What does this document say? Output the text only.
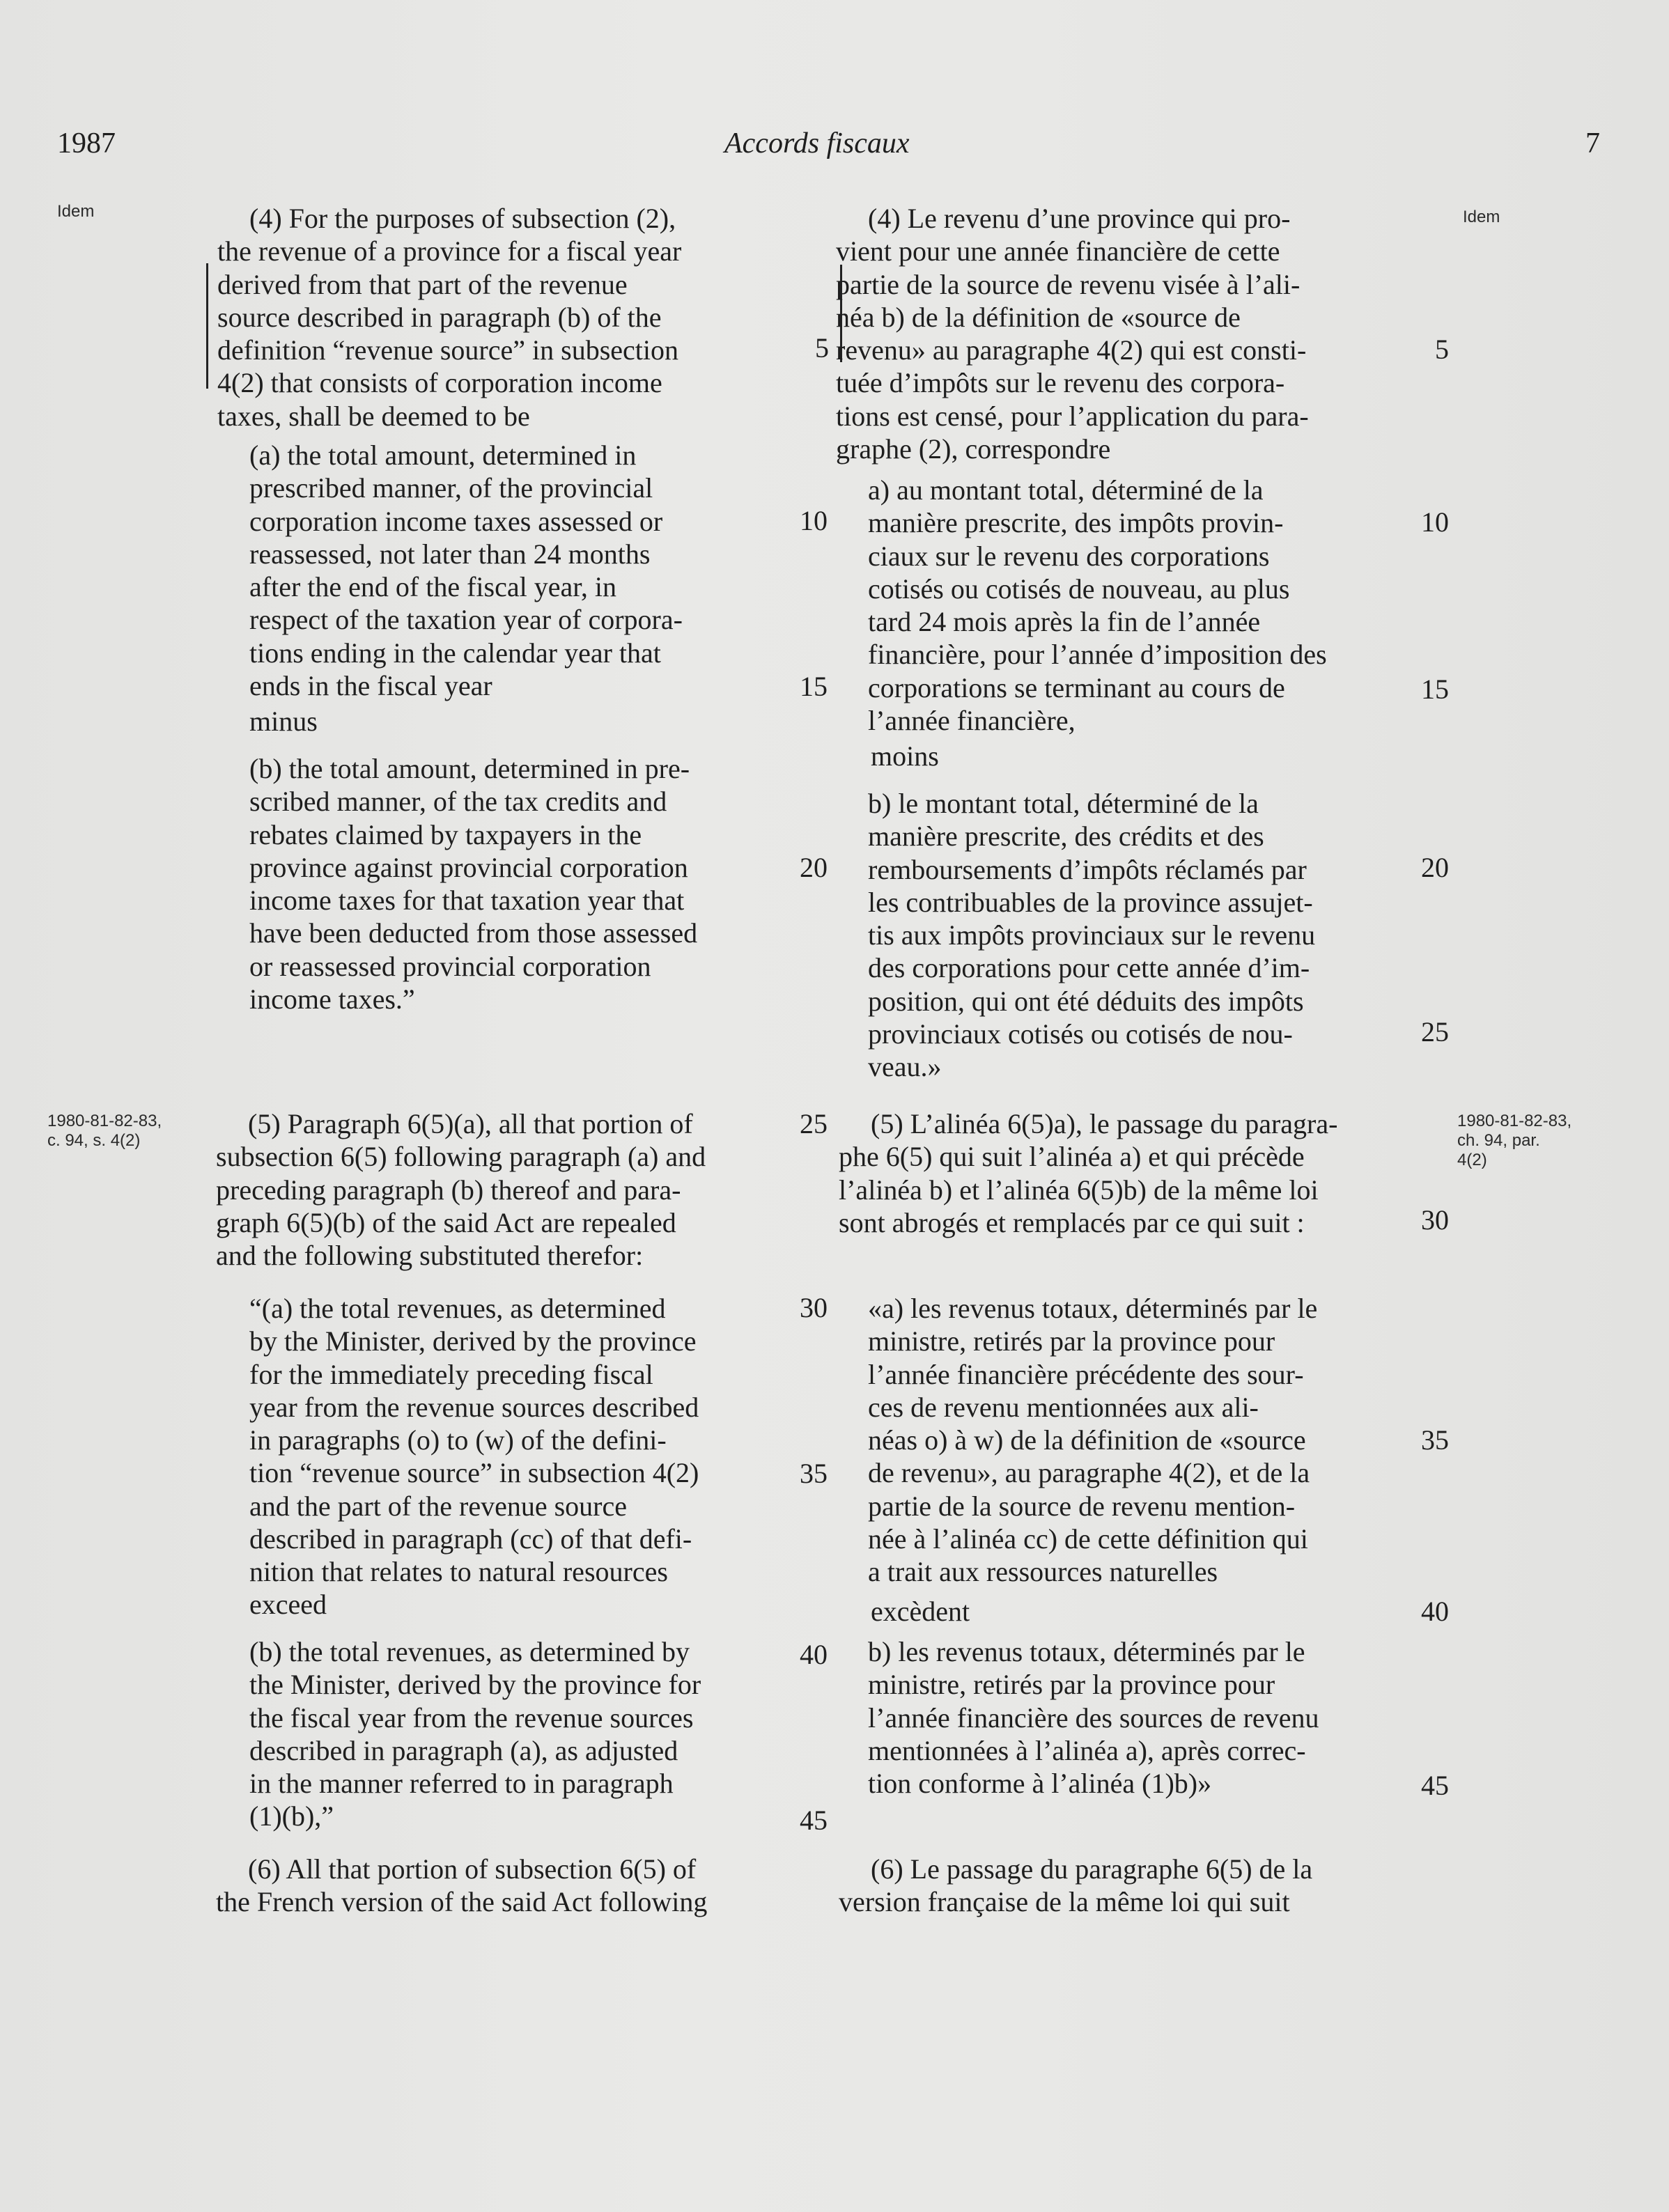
1987	Accords fiscaux	7
Idem	Idem
1980-81-82-83,
c. 94, s. 4(2)
1980-81-82-83,
ch. 94, par.
4(2)
5
10
15
20
25
30
35
40
45
5
10
15
20
25
30
35
40
45

(4) For the purposes of subsection (2),

the revenue of a province for a fiscal year

derived from that part of the revenue

source described in paragraph (b) of the

definition “revenue source” in subsection

4(2) that consists of corporation income

taxes, shall be deemed to be

(a) the total amount, determined in

prescribed manner, of the provincial

corporation income taxes assessed or

reassessed, not later than 24 months

after the end of the fiscal year, in

respect of the taxation year of corpora-

tions ending in the calendar year that

ends in the fiscal year

minus

(b) the total amount, determined in pre-

scribed manner, of the tax credits and

rebates claimed by taxpayers in the

province against provincial corporation

income taxes for that taxation year that

have been deducted from those assessed

or reassessed provincial corporation

income taxes.”

(5) Paragraph 6(5)(a), all that portion of

subsection 6(5) following paragraph (a) and

preceding paragraph (b) thereof and para-

graph 6(5)(b) of the said Act are repealed

and the following substituted therefor:

“(a) the total revenues, as determined

by the Minister, derived by the province

for the immediately preceding fiscal

year from the revenue sources described

in paragraphs (o) to (w) of the defini-

tion “revenue source” in subsection 4(2)

and the part of the revenue source

described in paragraph (cc) of that defi-

nition that relates to natural resources

exceed

(b) the total revenues, as determined by

the Minister, derived by the province for

the fiscal year from the revenue sources

described in paragraph (a), as adjusted

in the manner referred to in paragraph

(1)(b),”

(6) All that portion of subsection 6(5) of

the French version of the said Act following

(4) Le revenu d’une province qui pro-

vient pour une année financière de cette

partie de la source de revenu visée à l’ali-

néa b) de la définition de «source de

revenu» au paragraphe 4(2) qui est consti-

tuée d’impôts sur le revenu des corpora-

tions est censé, pour l’application du para-

graphe (2), correspondre

a) au montant total, déterminé de la

manière prescrite, des impôts provin-

ciaux sur le revenu des corporations

cotisés ou cotisés de nouveau, au plus

tard 24 mois après la fin de l’année

financière, pour l’année d’imposition des

corporations se terminant au cours de

l’année financière,

moins

b) le montant total, déterminé de la

manière prescrite, des crédits et des

remboursements d’impôts réclamés par

les contribuables de la province assujet-

tis aux impôts provinciaux sur le revenu

des corporations pour cette année d’im-

position, qui ont été déduits des impôts

provinciaux cotisés ou cotisés de nou-

veau.»

(5) L’alinéa 6(5)a), le passage du paragra-

phe 6(5) qui suit l’alinéa a) et qui précède

l’alinéa b) et l’alinéa 6(5)b) de la même loi

sont abrogés et remplacés par ce qui suit :

«a) les revenus totaux, déterminés par le

ministre, retirés par la province pour

l’année financière précédente des sour-

ces de revenu mentionnées aux ali-

néas o) à w) de la définition de «source

de revenu», au paragraphe 4(2), et de la

partie de la source de revenu mention-

née à l’alinéa cc) de cette définition qui

a trait aux ressources naturelles

excèdent

b) les revenus totaux, déterminés par le

ministre, retirés par la province pour

l’année financière des sources de revenu

mentionnées à l’alinéa a), après correc-

tion conforme à l’alinéa (1)b)»

(6) Le passage du paragraphe 6(5) de la

version française de la même loi qui suit
